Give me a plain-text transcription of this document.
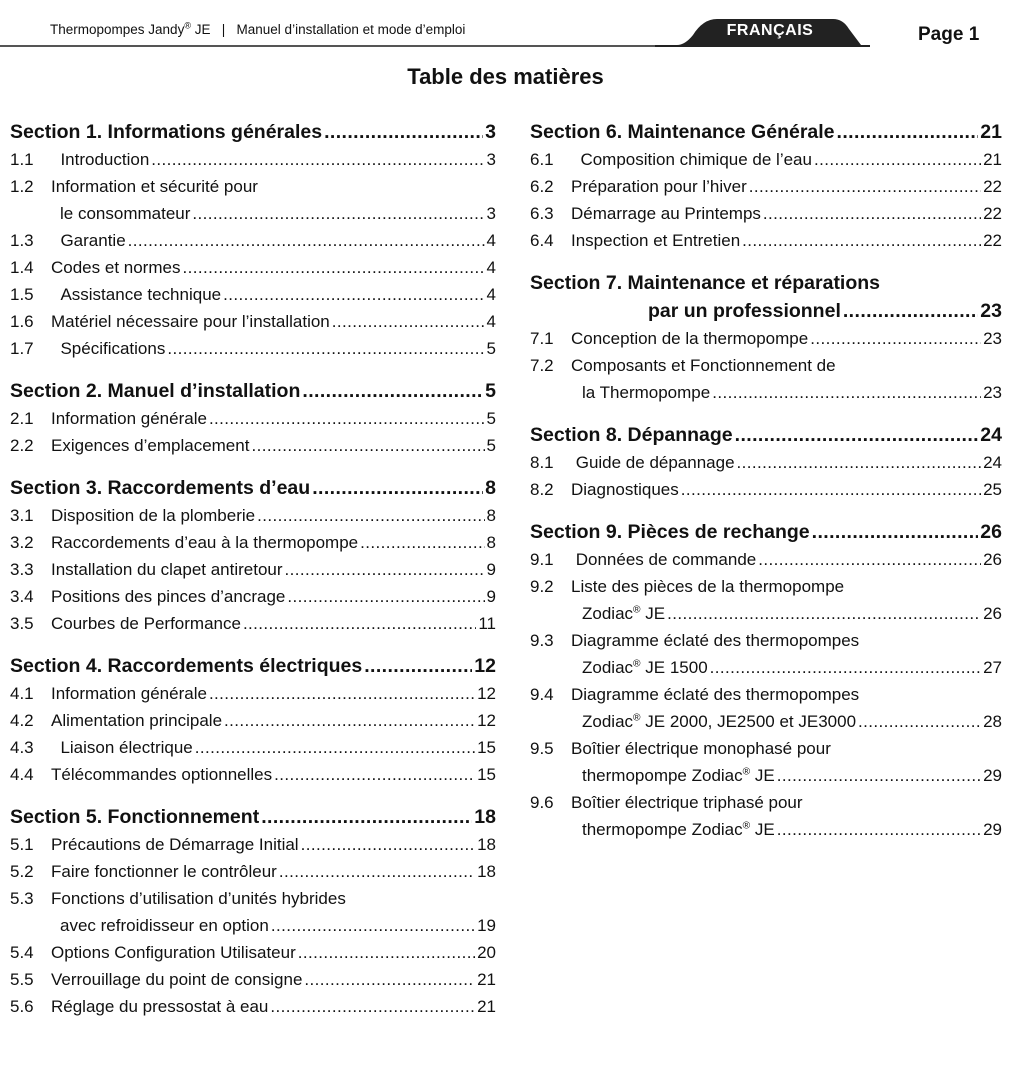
Thermopompes Jandy® JE | Manuel d’installation et mode d’emploi	FRANÇAIS	Page 1
Table des matières
Section 1. Informations générales .....	3
1.1	Introduction .....	3
1.2	Information et sécurité pour
le consommateur .....	3
1.3	Garantie .....	4
1.4	Codes et normes .....	4
1.5	Assistance technique .....	4
1.6	Matériel nécessaire pour l’installation .....	4
1.7	Spécifications .....	5
Section 2. Manuel d’installation .....	5
2.1	Information générale .....	5
2.2	Exigences d’emplacement .....	5
Section 3. Raccordements d’eau .....	8
3.1	Disposition de la plomberie .....	8
3.2	Raccordements d’eau à la thermopompe .....	8
3.3	Installation du clapet antiretour .....	9
3.4	Positions des pinces d’ancrage .....	9
3.5	Courbes de Performance .....	11
Section 4. Raccordements électriques .....	12
4.1	Information générale .....	12
4.2	Alimentation principale .....	12
4.3	Liaison électrique .....	15
4.4	Télécommandes optionnelles .....	15
Section 5. Fonctionnement .....	18
5.1	Précautions de Démarrage Initial .....	18
5.2	Faire fonctionner le contrôleur .....	18
5.3	Fonctions d’utilisation d’unités hybrides
avec refroidisseur en option .....	19
5.4	Options Configuration Utilisateur .....	20
5.5	Verrouillage du point de consigne .....	21
5.6	Réglage du pressostat à eau .....	21
Section 6. Maintenance Générale .....	21
6.1	Composition chimique de l’eau .....	21
6.2	Préparation pour l’hiver .....	22
6.3	Démarrage au Printemps .....	22
6.4	Inspection et Entretien .....	22
Section 7. Maintenance et réparations
par un professionnel .....	23
7.1	Conception de la thermopompe .....	23
7.2	Composants et Fonctionnement de
la Thermopompe .....	23
Section 8. Dépannage .....	24
8.1	Guide de dépannage .....	24
8.2	Diagnostiques .....	25
Section 9. Pièces de rechange .....	26
9.1	Données de commande .....	26
9.2	Liste des pièces de la thermopompe
Zodiac® JE .....	26
9.3	Diagramme éclaté des thermopompes
Zodiac® JE 1500 .....	27
9.4	Diagramme éclaté des thermopompes
Zodiac® JE 2000, JE2500 et JE3000 .....	28
9.5	Boîtier électrique monophasé pour
thermopompe Zodiac® JE .....	29
9.6	Boîtier électrique triphasé pour
thermopompe Zodiac® JE .....	29
